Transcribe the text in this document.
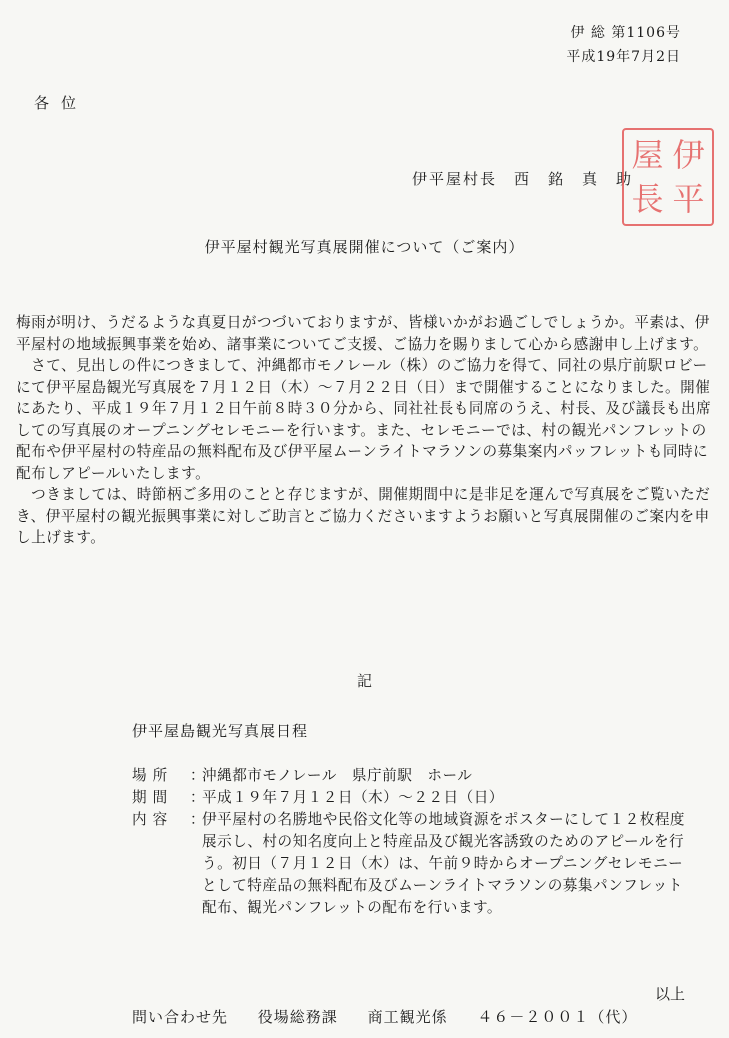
伊 総 第1106号
平成19年7月2日
各位
伊平屋村長　西　銘　真　助
屋 伊
長 平
伊平屋村観光写真展開催について（ご案内）

梅雨が明け、うだるような真夏日がつづいておりますが、皆様いかがお過ごしでしょうか。平素は、伊平屋村の地域振興事業を始め、諸事業についてご支援、ご協力を賜りまして心から感謝申し上げます。

　さて、見出しの件につきまして、沖縄都市モノレール（株）のご協力を得て、同社の県庁前駅ロビーにて伊平屋島観光写真展を７月１２日（木）～７月２２日（日）まで開催することになりました。開催にあたり、平成１９年７月１２日午前８時３０分から、同社社長も同席のうえ、村長、及び議長も出席しての写真展のオープニングセレモニーを行います。また、セレモニーでは、村の観光パンフレットの配布や伊平屋村の特産品の無料配布及び伊平屋ムーンライトマラソンの募集案内パッフレットも同時に配布しアピールいたします。

　つきましては、時節柄ご多用のことと存じますが、開催期間中に是非足を運んで写真展をご覧いただき、伊平屋村の観光振興事業に対しご助言とご協力くださいますようお願いと写真展開催のご案内を申し上げます。

記
伊平屋島観光写真展日程
場所	：
沖縄都市モノレール　県庁前駅　ホール
期間	：
平成１９年７月１２日（木）～２２日（日）
内容	：
伊平屋村の名勝地や民俗文化等の地域資源をポスターにして１２枚程度展示し、村の知名度向上と特産品及び観光客誘致のためのアピールを行う。初日（７月１２日（木）は、午前９時からオープニングセレモニーとして特産品の無料配布及びムーンライトマラソンの募集パンフレット配布、観光パンフレットの配布を行います。
以上
問い合わせ先 役場総務課 商工観光係 ４６－２００１（代）
